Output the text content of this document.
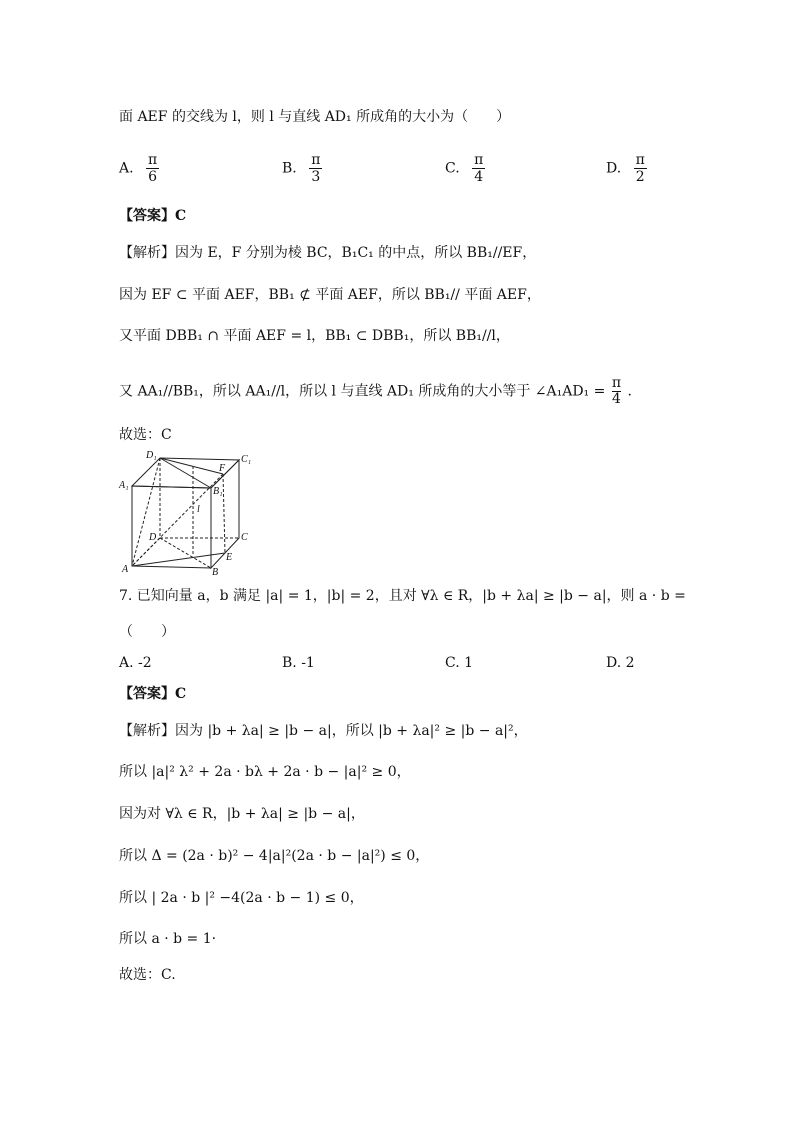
面 AEF 的交线为 l，则 l 与直线 AD₁ 所成角的大小为（　　）
A. $\frac{\pi}{6}$	B. $\frac{\pi}{3}$	C. $\frac{\pi}{4}$	D. $\frac{\pi}{2}$
【答案】C
【解析】因为 E，F 分别为棱 BC，B₁C₁ 的中点，所以 BB₁//EF，
因为 EF ⊂ 平面 AEF，BB₁ ⊄ 平面 AEF，所以 BB₁// 平面 AEF，
又平面 DBB₁ ∩ 平面 AEF = l，BB₁ ⊂ DBB₁，所以 BB₁//l，
又 AA₁//BB₁，所以 AA₁//l，所以 l 与直线 AD₁ 所成角的大小等于 ∠A₁AD₁ = $\frac{\pi}{4}$ .
故选：C
D₁	C₁
A₁
B₁
F
l
D	C
A	B
E
7. 已知向量 a，b 满足 |a| = 1，|b| = 2，且对 ∀λ ∈ R，|b + λa| ≥ |b − a|，则 a · b =
（　　）
A. -2	B. -1	C. 1	D. 2
【答案】C
【解析】因为 |b + λa| ≥ |b − a|，所以 |b + λa|² ≥ |b − a|²，
所以 |a|² λ² + 2a · bλ + 2a · b − |a|² ≥ 0，
因为对 ∀λ ∈ R，|b + λa| ≥ |b − a|，
所以 Δ = (2a · b)² − 4|a|²(2a · b − |a|²) ≤ 0，
所以 | 2a · b |² −4(2a · b − 1) ≤ 0，
所以 a · b = 1·
故选：C.
